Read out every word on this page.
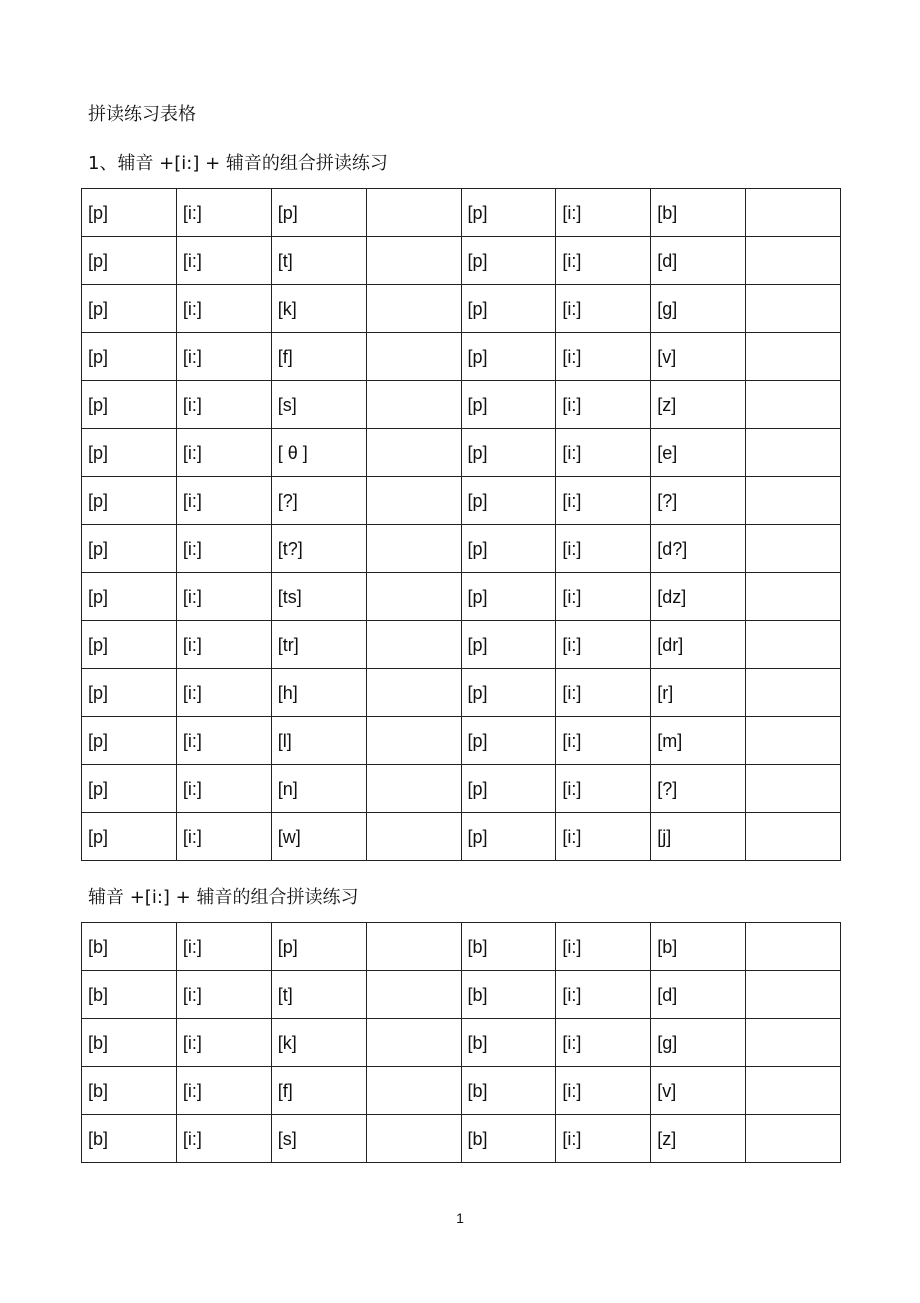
拼读练习表格
1、辅音 +[i:] + 辅音的组合拼读练习
[p]	[i:]	[p]		[p]	[i:]	[b]	
[p]	[i:]	[t]		[p]	[i:]	[d]	
[p]	[i:]	[k]		[p]	[i:]	[g]	
[p]	[i:]	[f]		[p]	[i:]	[v]	
[p]	[i:]	[s]		[p]	[i:]	[z]	
[p]	[i:]	[ θ ]		[p]	[i:]	[e]	
[p]	[i:]	[?]		[p]	[i:]	[?]	
[p]	[i:]	[t?]		[p]	[i:]	[d?]	
[p]	[i:]	[ts]		[p]	[i:]	[dz]	
[p]	[i:]	[tr]		[p]	[i:]	[dr]	
[p]	[i:]	[h]		[p]	[i:]	[r]	
[p]	[i:]	[l]		[p]	[i:]	[m]	
[p]	[i:]	[n]		[p]	[i:]	[?]	
[p]	[i:]	[w]		[p]	[i:]	[j]	
辅音 +[i:] + 辅音的组合拼读练习
[b]	[i:]	[p]		[b]	[i:]	[b]	
[b]	[i:]	[t]		[b]	[i:]	[d]	
[b]	[i:]	[k]		[b]	[i:]	[g]	
[b]	[i:]	[f]		[b]	[i:]	[v]	
[b]	[i:]	[s]		[b]	[i:]	[z]	
1
